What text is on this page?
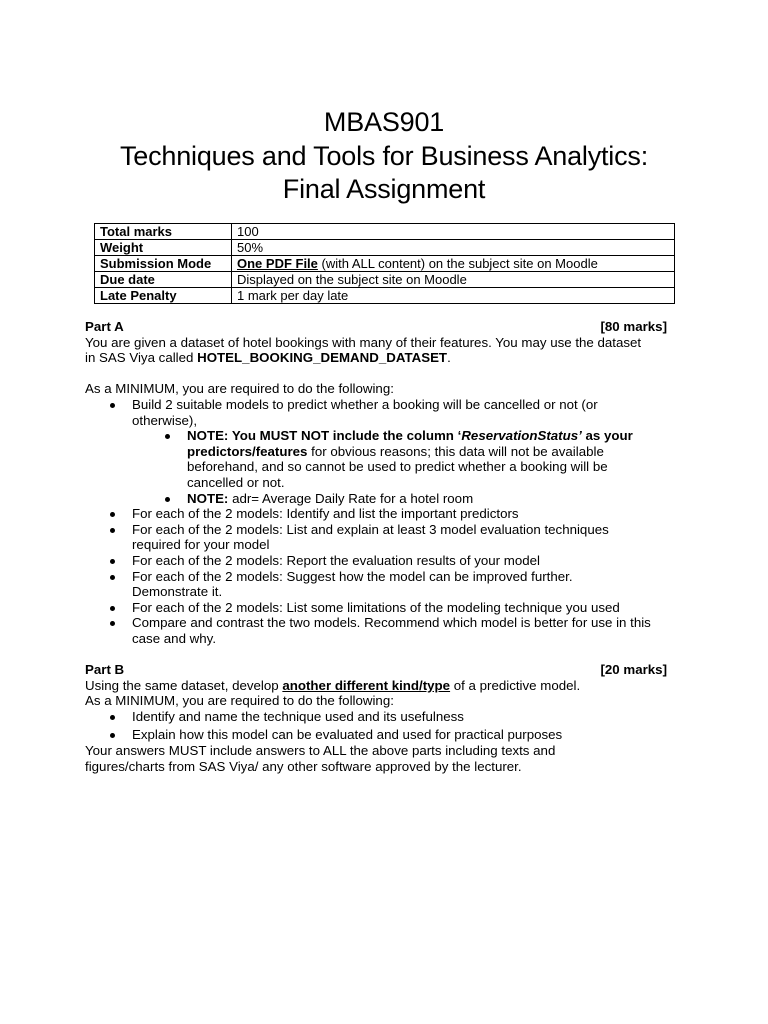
MBAS901
Techniques and Tools for Business Analytics:
Final Assignment
Total marks	100
Weight	50%
Submission Mode	One PDF File (with ALL content) on the subject site on Moodle
Due date	Displayed on the subject site on Moodle
Late Penalty	1 mark per day late
Part A	[80 marks]
You are given a dataset of hotel bookings with many of their features. You may use the dataset
in SAS Viya called HOTEL_BOOKING_DEMAND_DATASET.
As a MINIMUM, you are required to do the following:
Build 2 suitable models to predict whether a booking will be cancelled or not (or otherwise),
NOTE: You MUST NOT include the column ‘ReservationStatus’ as your predictors/features for obvious reasons; this data will not be available beforehand, and so cannot be used to predict whether a booking will be cancelled or not.
NOTE: adr= Average Daily Rate for a hotel room
For each of the 2 models: Identify and list the important predictors
For each of the 2 models: List and explain at least 3 model evaluation techniques required for your model
For each of the 2 models: Report the evaluation results of your model
For each of the 2 models: Suggest how the model can be improved further. Demonstrate it.
For each of the 2 models: List some limitations of the modeling technique you used
Compare and contrast the two models. Recommend which model is better for use in this case and why.
Part B	[20 marks]
Using the same dataset, develop another different kind/type of a predictive model.
As a MINIMUM, you are required to do the following:
Identify and name the technique used and its usefulness
Explain how this model can be evaluated and used for practical purposes
Your answers MUST include answers to ALL the above parts including texts and figures/charts from SAS Viya/ any other software approved by the lecturer.
